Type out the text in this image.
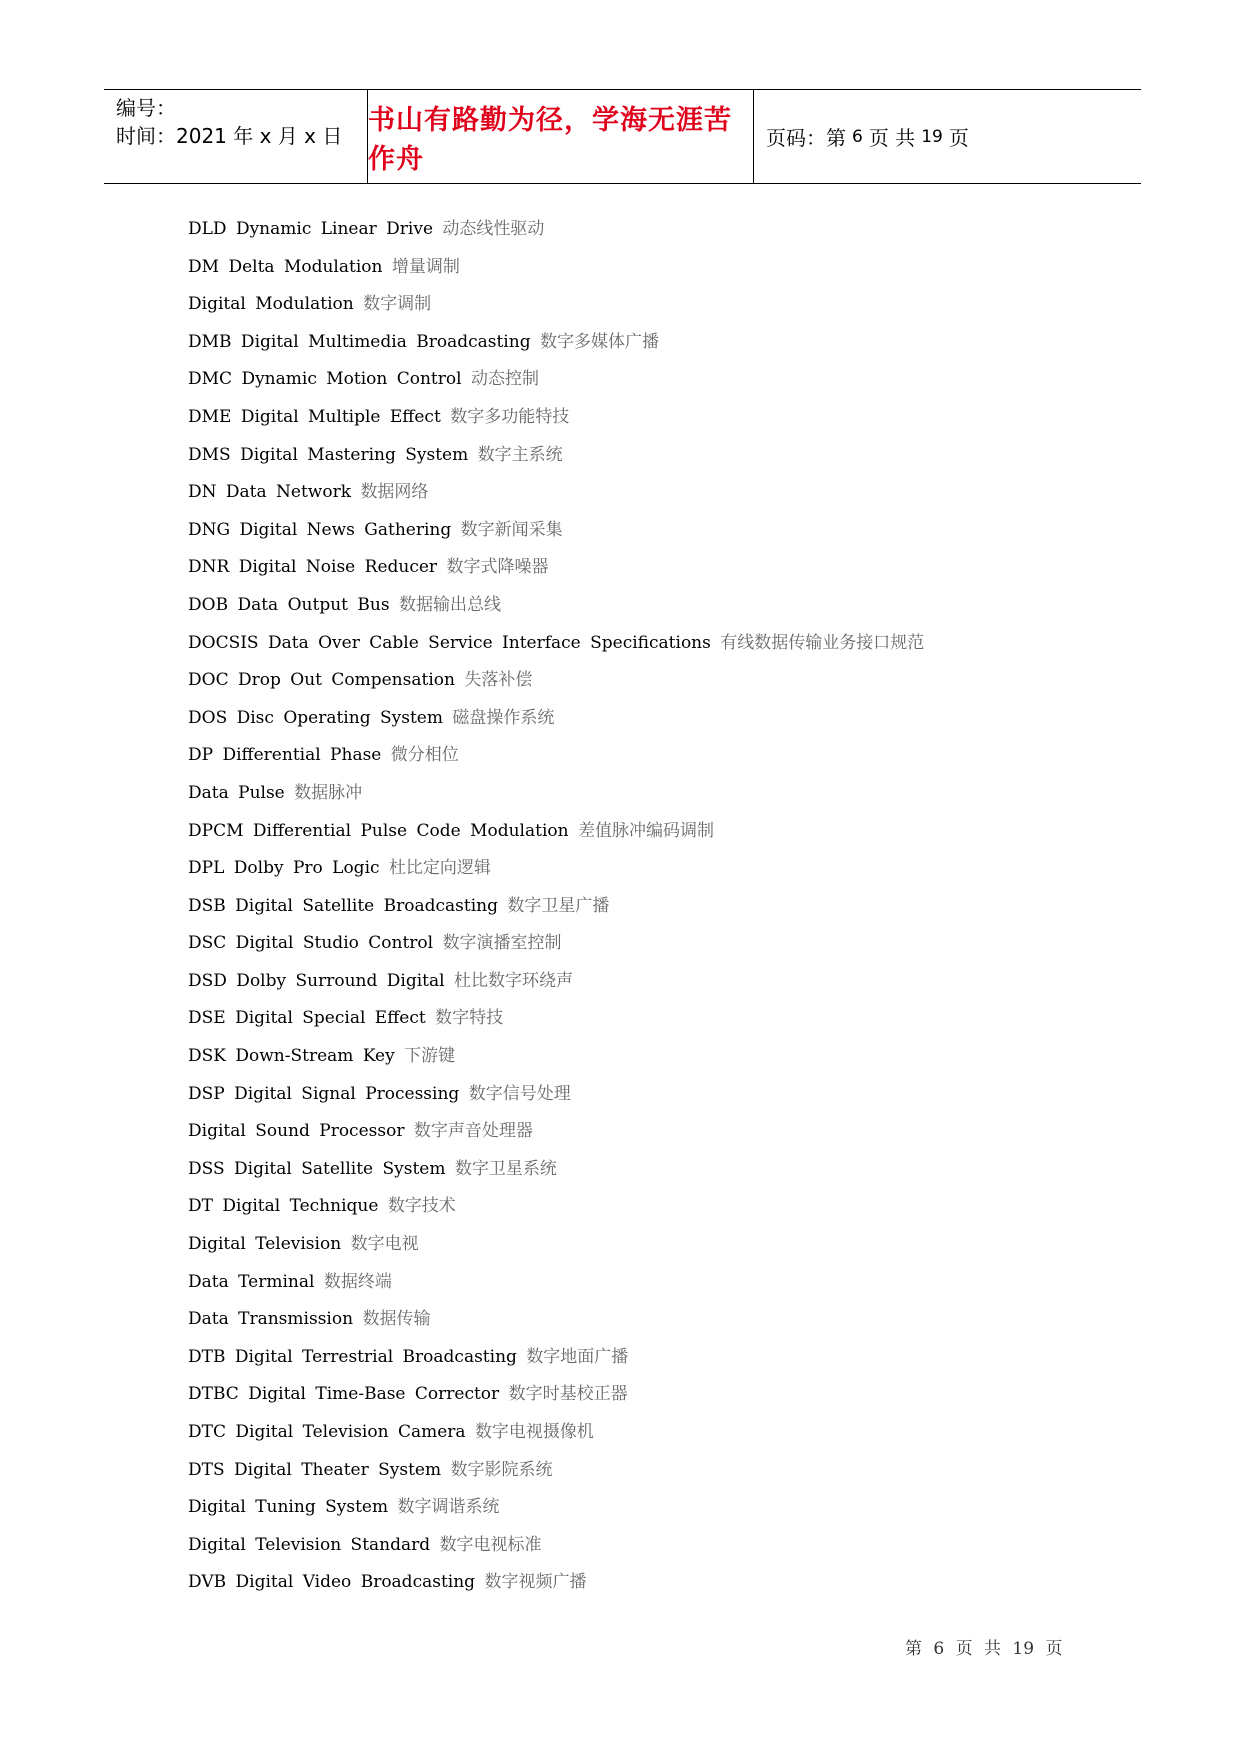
编号：
时间：2021 年 x 月 x 日
书山有路勤为径，学海无涯苦作舟
页码：第 6 页 共 19 页
DLD Dynamic Linear Drive 动态线性驱动
DM Delta Modulation 增量调制
Digital Modulation 数字调制
DMB Digital Multimedia Broadcasting 数字多媒体广播
DMC Dynamic Motion Control 动态控制
DME Digital Multiple Effect 数字多功能特技
DMS Digital Mastering System 数字主系统
DN Data Network 数据网络
DNG Digital News Gathering 数字新闻采集
DNR Digital Noise Reducer 数字式降噪器
DOB Data Output Bus 数据输出总线
DOCSIS Data Over Cable Service Interface Specifications 有线数据传输业务接口规范
DOC Drop Out Compensation 失落补偿
DOS Disc Operating System 磁盘操作系统
DP Differential Phase 微分相位
Data Pulse 数据脉冲
DPCM Differential Pulse Code Modulation 差值脉冲编码调制
DPL Dolby Pro Logic 杜比定向逻辑
DSB Digital Satellite Broadcasting 数字卫星广播
DSC Digital Studio Control 数字演播室控制
DSD Dolby Surround Digital 杜比数字环绕声
DSE Digital Special Effect 数字特技
DSK Down-Stream Key 下游键
DSP Digital Signal Processing 数字信号处理
Digital Sound Processor 数字声音处理器
DSS Digital Satellite System 数字卫星系统
DT Digital Technique 数字技术
Digital Television 数字电视
Data Terminal 数据终端
Data Transmission 数据传输
DTB Digital Terrestrial Broadcasting 数字地面广播
DTBC Digital Time-Base Corrector 数字时基校正器
DTC Digital Television Camera 数字电视摄像机
DTS Digital Theater System 数字影院系统
Digital Tuning System 数字调谐系统
Digital Television Standard 数字电视标准
DVB Digital Video Broadcasting 数字视频广播
第 6 页 共 19 页
